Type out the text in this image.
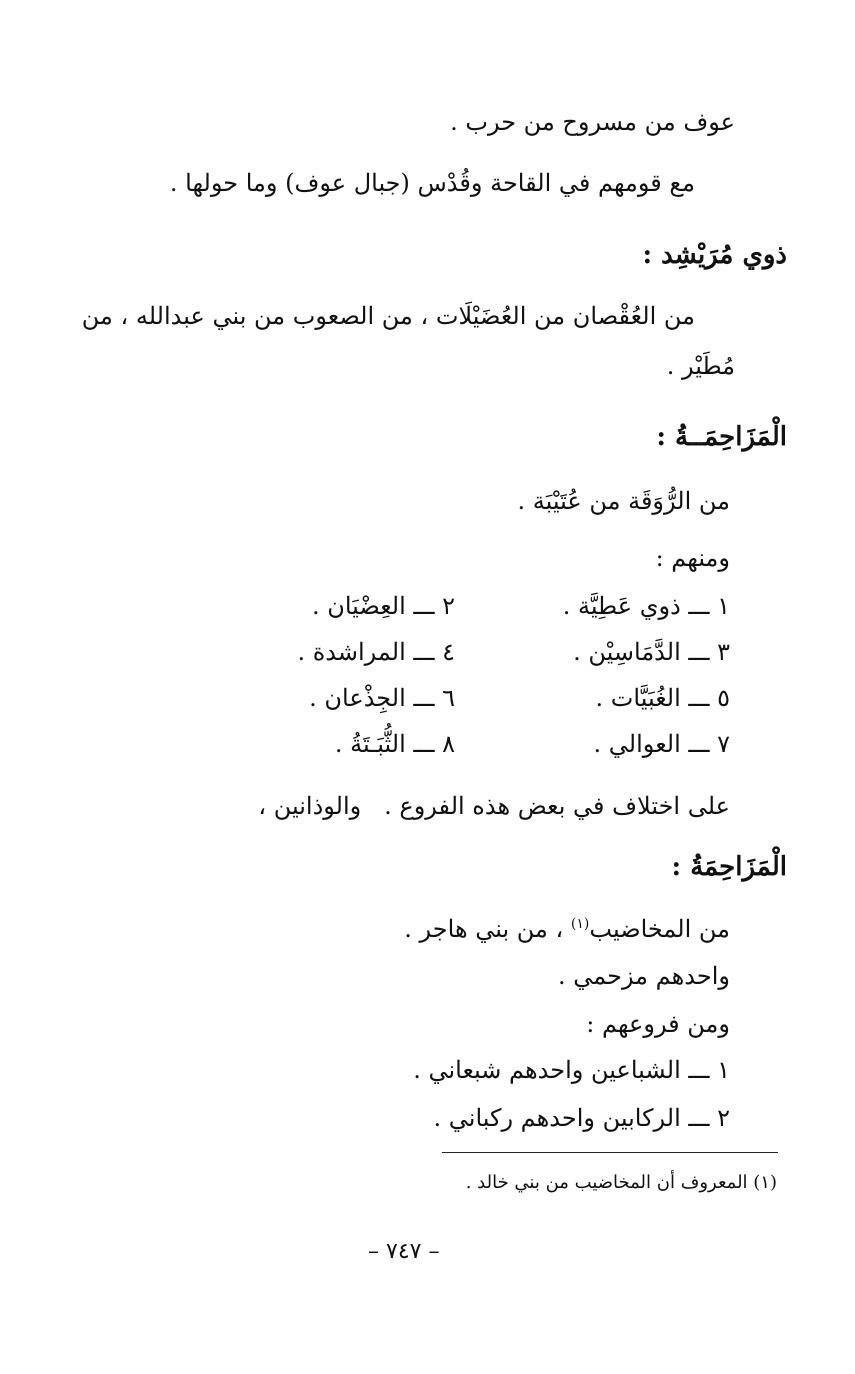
عوف من مسروح من حرب .
مع قومهم في القاحة وقُدْس (جبال عوف) وما حولها .
ذوي مُرَيْشِد :
من العُقْصان من العُضَيْلَات ، من الصعوب من بني عبدالله ، من
مُطَيْر .
الْمَزَاحِمَــةُ :
من الرُّوَقَة من عُتَيْبَة .
ومنهم :
١ ـــ ذوي عَطِيَّة .
٢ ـــ العِضْيَان .
٣ ـــ الدَّمَاسِيْن .
٤ ـــ المراشدة .
٥ ـــ الغُبَيَّات .
٦ ـــ الجِذْعان .
٧ ـــ العوالي .
٨ ـــ الثُّبَـتَةُ .
على اختلاف في بعض هذه الفروع .   والوذانين ،
الْمَزَاحِمَةُ :
من المخاضيب$^{(١)}$ ، من بني هاجر .
واحدهم مزحمي .
ومن فروعهم :
١ ـــ الشباعين واحدهم شبعاني .
٢ ـــ الركابين واحدهم ركباني .
(١) المعروف أن المخاضيب من بني خالد .
– ٧٤٧ –
